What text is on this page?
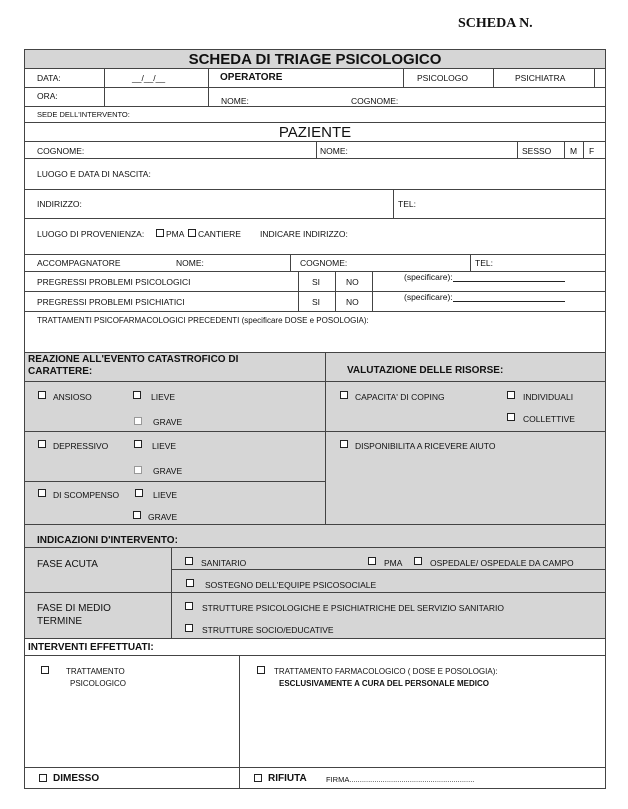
SCHEDA N.
SCHEDA DI TRIAGE PSICOLOGICO
DATA:	__/__/__	OPERATORE	PSICOLOGO	PSICHIATRA
ORA:	NOME:	COGNOME:
SEDE DELL'INTERVENTO:
PAZIENTE
COGNOME:	NOME:	SESSO M F
LUOGO E DATA DI NASCITA:
INDIRIZZO:	TEL:
LUOGO DI PROVENIENZA:	PMA CANTIERE INDICARE INDIRIZZO:
ACCOMPAGNATORE	NOME:	COGNOME:	TEL:
PREGRESSI PROBLEMI PSICOLOGICI	SI	NO	(specificare):
PREGRESSI PROBLEMI PSICHIATICI	SI	NO	(specificare):
TRATTAMENTI PSICOFARMACOLOGICI PRECEDENTI (specificare DOSE e POSOLOGIA):
REAZIONE ALL'EVENTO CATASTROFICO DI
CARATTERE:	VALUTAZIONE DELLE RISORSE:
ANSIOSO	LIEVE
GRAVE
DEPRESSIVO	LIEVE
GRAVE
DI SCOMPENSO	LIEVE
GRAVE
CAPACITA' DI COPING	INDIVIDUALI
COLLETTIVE
DISPONIBILITA A RICEVERE AIUTO
INDICAZIONI D'INTERVENTO:
FASE ACUTA	SANITARIO	PMA	OSPEDALE/ OSPEDALE DA CAMPO
SOSTEGNO DELL'EQUIPE PSICOSOCIALE
FASE DI MEDIO
TERMINE
STRUTTURE PSICOLOGICHE E PSICHIATRICHE DEL SERVIZIO SANITARIO
STRUTTURE SOCIO/EDUCATIVE
INTERVENTI EFFETTUATI:
TRATTAMENTO
PSICOLOGICO
TRATTAMENTO FARMACOLOGICO ( DOSE E POSOLOGIA):
ESCLUSIVAMENTE A CURA DEL PERSONALE MEDICO
DIMESSO	RIFIUTA	FIRMA............................................................
